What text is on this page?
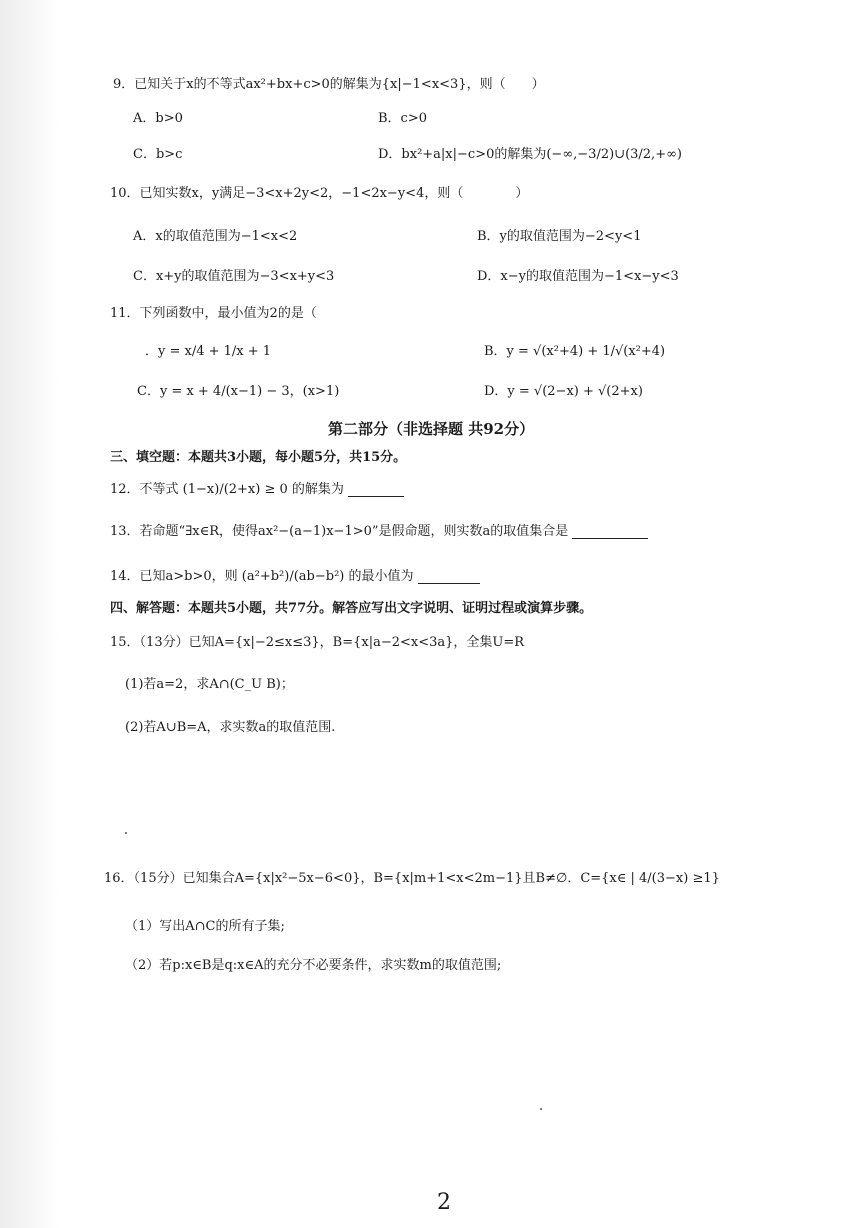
9．已知关于x的不等式ax²+bx+c>0的解集为{x|−1<x<3}，则（　　）
A．b>0	B．c>0
C．b>c	D．bx²+a|x|−c>0的解集为(−∞,−3/2)∪(3/2,+∞)
10．已知实数x，y满足−3<x+2y<2，−1<2x−y<4，则（　　　　）
A．x的取值范围为−1<x<2	B．y的取值范围为−2<y<1
C．x+y的取值范围为−3<x+y<3	D．x−y的取值范围为−1<x−y<3
11．下列函数中，最小值为2的是（
．y = x/4 + 1/x + 1	B．y = √(x²+4) + 1/√(x²+4)
C．y = x + 4/(x−1) − 3，(x>1)	D．y = √(2−x) + √(2+x)
第二部分（非选择题 共92分）
三、填空题：本题共3小题，每小题5分，共15分。
12．不等式 (1−x)/(2+x) ≥ 0 的解集为
13．若命题“∃x∈R，使得ax²−(a−1)x−1>0”是假命题，则实数a的取值集合是
14．已知a>b>0，则 (a²+b²)/(ab−b²) 的最小值为
四、解答题：本题共5小题，共77分。解答应写出文字说明、证明过程或演算步骤。
15．（13分）已知A={x|−2≤x≤3}，B={x|a−2<x<3a}，全集U=R
(1)若a=2，求A∩(C_U B)；
(2)若A∪B=A，求实数a的取值范围.
16．（15分）已知集合A={x|x²−5x−6<0}，B={x|m+1<x<2m−1}且B≠∅．C={x∈ | 4/(3−x) ≥1}
（1）写出A∩C的所有子集;
（2）若p:x∈B是q:x∈A的充分不必要条件，求实数m的取值范围;
2
